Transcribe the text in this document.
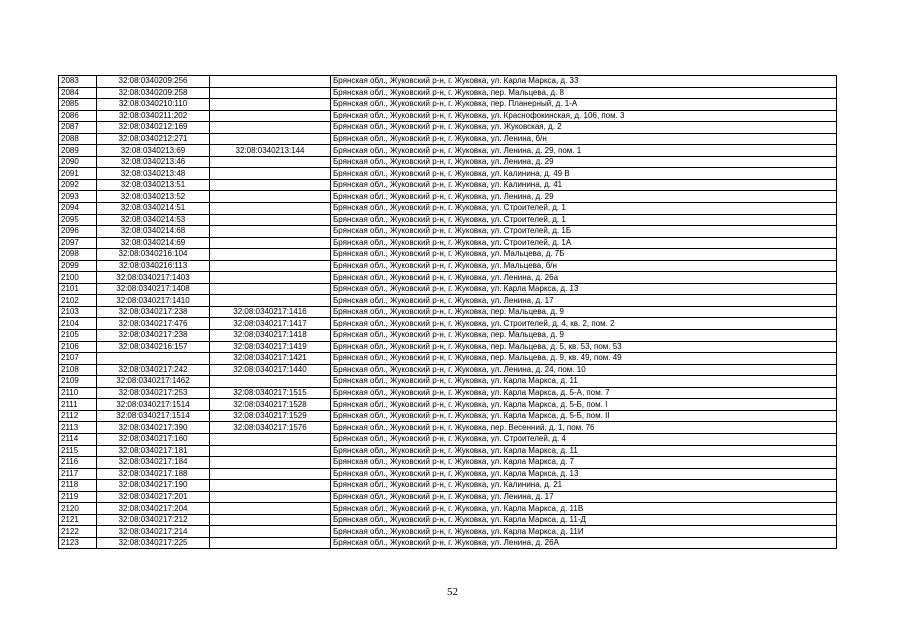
2083	32:08:0340209:256		Брянская обл., Жуковский р-н, г. Жуковка, ул. Карла Маркса, д. 33
2084	32:08:0340209:258		Брянская обл., Жуковский р-н, г. Жуковка, пер. Мальцева, д. 8
2085	32:08:0340210:110		Брянская обл., Жуковский р-н, г. Жуковка, пер. Планерный, д. 1-А
2086	32:08:0340211:202		Брянская обл., Жуковский р-н, г. Жуковка, ул. Краснофокинская, д. 106, пом. 3
2087	32:08:0340212:169		Брянская обл., Жуковский р-н, г. Жуковка, ул. Жуковская, д. 2
2088	32:08:0340212:271		Брянская обл., Жуковский р-н, г. Жуковка, ул. Ленина, б/н
2089	32:08:0340213:69	32:08:0340213:144	Брянская обл., Жуковский р-н, г. Жуковка, ул. Ленина, д. 29, пом. 1
2090	32:08:0340213:46		Брянская обл., Жуковский р-н, г. Жуковка, ул. Ленина, д. 29
2091	32:08:0340213:48		Брянская обл., Жуковский р-н, г. Жуковка, ул. Калинина, д. 49 В
2092	32:08:0340213:51		Брянская обл., Жуковский р-н, г. Жуковка, ул. Калинина, д. 41
2093	32:08:0340213:52		Брянская обл., Жуковский р-н, г. Жуковка, ул. Ленина, д. 29
2094	32:08:0340214:51		Брянская обл., Жуковский р-н, г. Жуковка, ул. Строителей, д. 1
2095	32:08:0340214:53		Брянская обл., Жуковский р-н, г. Жуковка, ул. Строителей, д. 1
2096	32:08:0340214:68		Брянская обл., Жуковский р-н, г. Жуковка, ул. Строителей, д. 1Б
2097	32:08:0340214:69		Брянская обл., Жуковский р-н, г. Жуковка, ул. Строителей, д. 1А
2098	32:08:0340216:104		Брянская обл., Жуковский р-н, г. Жуковка, ул. Мальцева, д. 7Б
2099	32:08:0340216:113		Брянская обл., Жуковский р-н, г. Жуковка, ул. Мальцева, б/н
2100	32:08:0340217:1403		Брянская обл., Жуковский р-н, г. Жуковка, ул. Ленина, д. 26а
2101	32:08:0340217:1408		Брянская обл., Жуковский р-н, г. Жуковка, ул. Карла Маркса, д. 13
2102	32:08:0340217:1410		Брянская обл., Жуковский р-н, г. Жуковка, ул. Ленина, д. 17
2103	32:08:0340217:238	32:08:0340217:1416	Брянская обл., Жуковский р-н, г. Жуковка, пер. Мальцева, д. 9
2104	32:08:0340217:476	32:08:0340217:1417	Брянская обл., Жуковский р-н, г. Жуковка, ул. Строителей, д. 4, кв. 2, пом. 2
2105	32:08:0340217:238	32:08:0340217:1418	Брянская обл., Жуковский р-н, г. Жуковка, пер. Мальцева, д. 9
2106	32:08:0340216:157	32:08:0340217:1419	Брянская обл., Жуковский р-н, г. Жуковка, пер. Мальцева, д. 5, кв. 53, пом. 53
2107		32:08:0340217:1421	Брянская обл., Жуковский р-н, г. Жуковка, пер. Мальцева, д. 9, кв. 49, пом. 49
2108	32:08:0340217:242	32:08:0340217:1440	Брянская обл., Жуковский р-н, г. Жуковка, ул. Ленина, д. 24, пом. 10
2109	32:08:0340217:1462		Брянская обл., Жуковский р-н, г. Жуковка, ул. Карла Маркса, д. 11
2110	32:08:0340217:253	32:08:0340217:1515	Брянская обл., Жуковский р-н, г. Жуковка, ул. Карла Маркса, д. 5-А, пом. 7
2111	32:08:0340217:1514	32:08:0340217:1528	Брянская обл., Жуковский р-н, г. Жуковка, ул. Карла Маркса, д. 5-Б, пом. I
2112	32:08:0340217:1514	32:08:0340217:1529	Брянская обл., Жуковский р-н, г. Жуковка, ул. Карла Маркса, д. 5-Б, пом. II
2113	32:08:0340217:390	32:08:0340217:1576	Брянская обл., Жуковский р-н, г. Жуковка, пер. Весенний, д. 1, пом. 76
2114	32:08:0340217:160		Брянская обл., Жуковский р-н, г. Жуковка, ул. Строителей, д. 4
2115	32:08:0340217:181		Брянская обл., Жуковский р-н, г. Жуковка, ул. Карла Маркса, д. 11
2116	32:08:0340217:184		Брянская обл., Жуковский р-н, г. Жуковка, ул. Карла Маркса, д. 7
2117	32:08:0340217:188		Брянская обл., Жуковский р-н, г. Жуковка, ул. Карла Маркса, д. 13
2118	32:08:0340217:190		Брянская обл., Жуковский р-н, г. Жуковка, ул. Калинина, д. 21
2119	32:08:0340217:201		Брянская обл., Жуковский р-н, г. Жуковка, ул. Ленина, д. 17
2120	32:08:0340217:204		Брянская обл., Жуковский р-н, г. Жуковка, ул. Карла Маркса, д. 11В
2121	32:08:0340217:212		Брянская обл., Жуковский р-н, г. Жуковка, ул. Карла Маркса, д. 11-Д
2122	32:08:0340217:214		Брянская обл., Жуковский р-н, г. Жуковка, ул. Карла Маркса, д. 11И
2123	32:08:0340217:225		Брянская обл., Жуковский р-н, г. Жуковка, ул. Ленина, д. 26А
52
